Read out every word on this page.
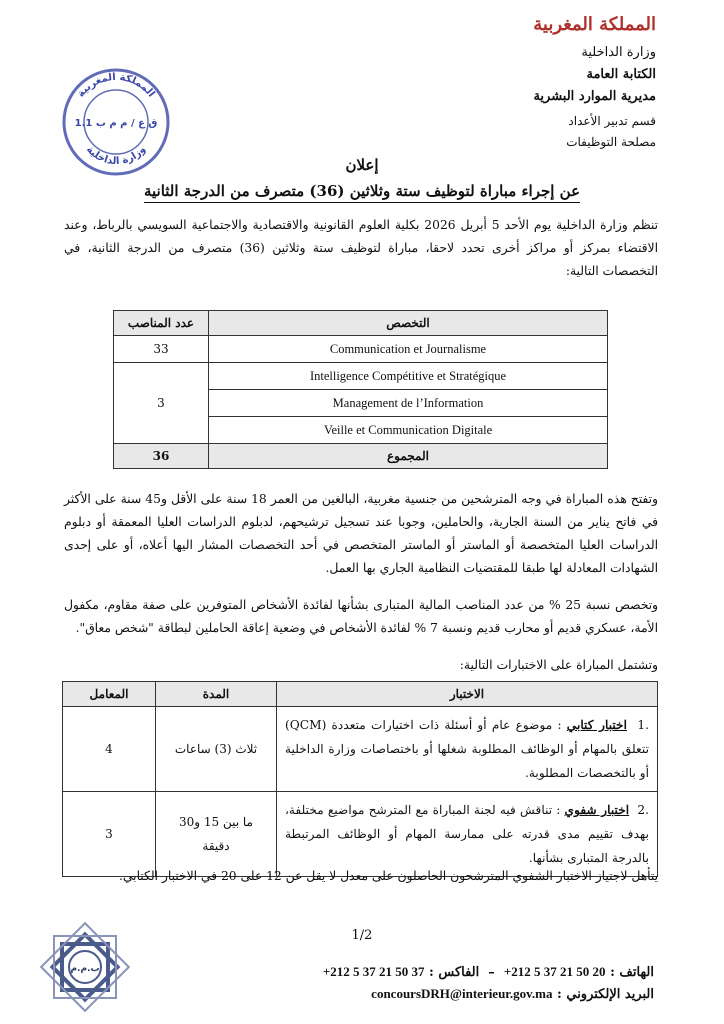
المملكة المغربية
وزارة الداخلية
الكتابة العامة
مديرية الموارد البشرية
قسم تدبير الأعداد
مصلحة التوظيفات
المملكة المغربية
وزارة الداخلية
ق ع / م م ب 1.1
إعلان
عن إجراء مباراة لتوظيف ستة وثلاثين (36) متصرف من الدرجة الثانية
تنظم وزارة الداخلية يوم الأحد 5 أبريل 2026 بكلية العلوم القانونية والاقتصادية والاجتماعية السويسي بالرباط، وعند الاقتضاء بمركز أو مراكز أخرى تحدد لاحقا، مباراة لتوظيف ستة وثلاثين (36) متصرف من الدرجة الثانية، في التخصصات التالية:
التخصص	عدد المناصب
Communication et Journalisme	33
Intelligence Compétitive et Stratégique	3
Management de l’Information	
Veille et Communication Digitale	
المجموع	36
وتفتح هذه المباراة في وجه المترشحين من جنسية مغربية، البالغين من العمر 18 سنة على الأقل و45 سنة على الأكثر في فاتح يناير من السنة الجارية، والحاملين، وجوبا عند تسجيل ترشيحهم، لدبلوم الدراسات العليا المعمقة أو دبلوم الدراسات العليا المتخصصة أو الماستر أو الماستر المتخصص في أحد التخصصات المشار اليها أعلاه، أو على إحدى الشهادات المعادلة لها طبقا للمقتضيات النظامية الجاري بها العمل.
وتخصص نسبة 25 % من عدد المناصب المالية المتبارى بشأنها لفائدة الأشخاص المتوفرين على صفة مقاوم، مكفول الأمة، عسكري قديم أو محارب قديم ونسبة 7 % لفائدة الأشخاص في وضعية إعاقة الحاملين لبطاقة "شخص معاق".
وتشتمل المباراة على الاختبارات التالية:
الاختبار	المدة	المعامل
.1  اختبار كتابي : موضوع عام أو أسئلة ذات اختيارات متعددة (QCM) تتعلق بالمهام أو الوظائف المطلوبة شغلها أو باختصاصات وزارة الداخلية أو بالتخصصات المطلوبة.	ثلاث (3) ساعات	4
.2  اختبار شفوي : تناقش فيه لجنة المباراة مع المترشح مواضيع مختلفة، بهدف تقييم مدى قدرته على ممارسة المهام أو الوظائف المرتبطة بالدرجة المتبارى بشأنها.	ما بين 15 و30 دقيقة	3
يتأهل لاجتياز الاختبار الشفوي المترشحون الحاصلون على معدل لا يقل عن 12 على 20 في الاختبار الكتابي.
1/2
ب.م.م	الهاتف : +212 5 37 21 50 20  –  الفاكس : +212 5 37 21 50 37
البريد الإلكتروني : concoursDRH@interieur.gov.ma
